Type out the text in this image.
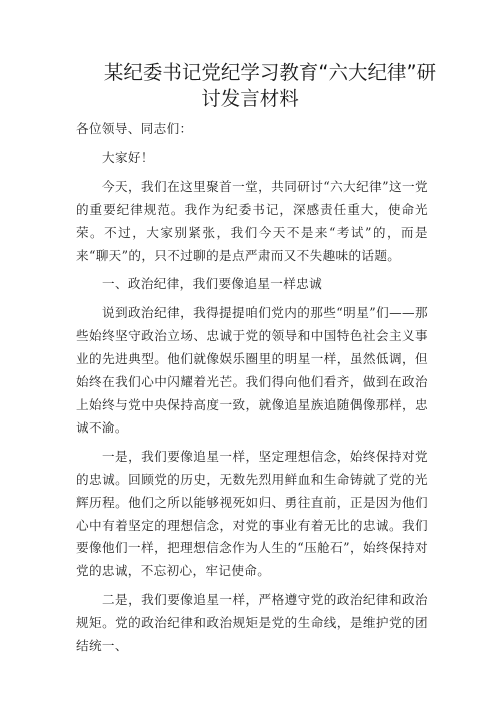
某纪委书记党纪学习教育“六大纪律”研
讨发言材料

各位领导、同志们：

大家好！

今天，我们在这里聚首一堂，共同研讨“六大纪律”这一党的重要纪律规范。我作为纪委书记，深感责任重大，使命光荣。不过，大家别紧张，我们今天不是来“考试”的，而是来“聊天”的，只不过聊的是点严肃而又不失趣味的话题。

一、政治纪律，我们要像追星一样忠诚

说到政治纪律，我得提提咱们党内的那些“明星”们——那些始终坚守政治立场、忠诚于党的领导和中国特色社会主义事业的先进典型。他们就像娱乐圈里的明星一样，虽然低调，但始终在我们心中闪耀着光芒。我们得向他们看齐，做到在政治上始终与党中央保持高度一致，就像追星族追随偶像那样，忠诚不渝。

一是，我们要像追星一样，坚定理想信念，始终保持对党的忠诚。回顾党的历史，无数先烈用鲜血和生命铸就了党的光辉历程。他们之所以能够视死如归、勇往直前，正是因为他们心中有着坚定的理想信念，对党的事业有着无比的忠诚。我们要像他们一样，把理想信念作为人生的“压舱石”，始终保持对党的忠诚，不忘初心，牢记使命。

二是，我们要像追星一样，严格遵守党的政治纪律和政治规矩。党的政治纪律和政治规矩是党的生命线，是维护党的团结统一、
